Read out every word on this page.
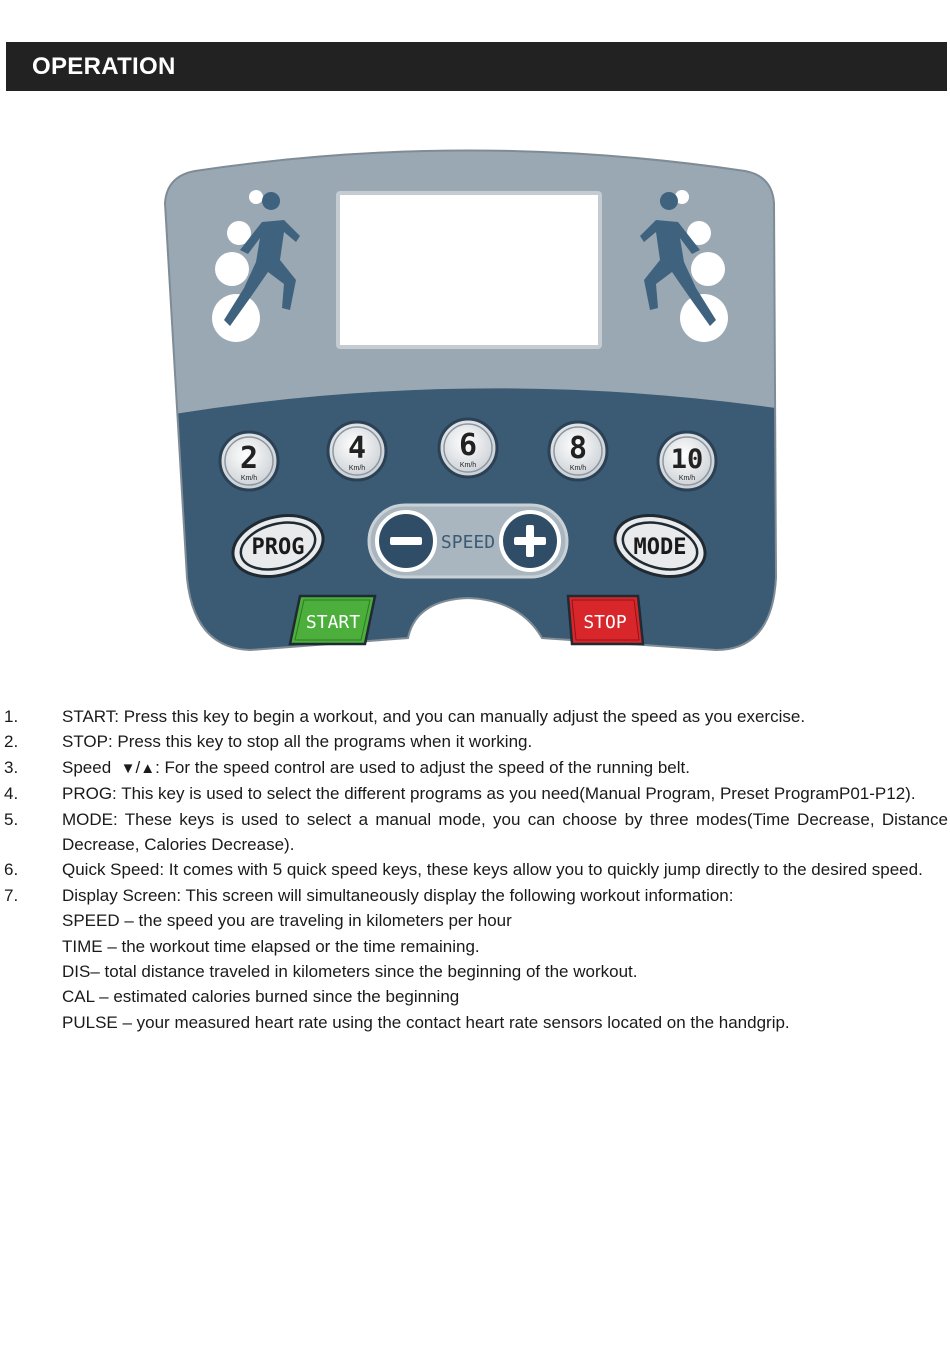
OPERATION
2
Km/h
4
Km/h
6
Km/h	8
Km/h	10
Km/h
PROG	MODE
SPEED
START	STOP
1.	START: Press this key to begin a workout, and you can manually adjust the speed as you exercise.
2.	STOP: Press this key to stop all the programs when it working.
3.	Speed ▼/▲: For the speed control are used to adjust the speed of the running belt.
4.	PROG: This key is used to select the different programs as you need(Manual Program, Preset ProgramP01-P12).
5.	MODE: These keys is used to select a manual mode, you can choose by three modes(Time Decrease, Distance Decrease, Calories Decrease).
6.	Quick Speed: It comes with 5 quick speed keys, these keys allow you to quickly jump directly to the desired speed.
7.	Display Screen: This screen will simultaneously display the following workout information:
SPEED – the speed you are traveling in kilometers per hour
TIME – the workout time elapsed or the time remaining.
DIS– total distance traveled in kilometers since the beginning of the workout.
CAL – estimated calories burned since the beginning
PULSE – your measured heart rate using the contact heart rate sensors located on the handgrip.
